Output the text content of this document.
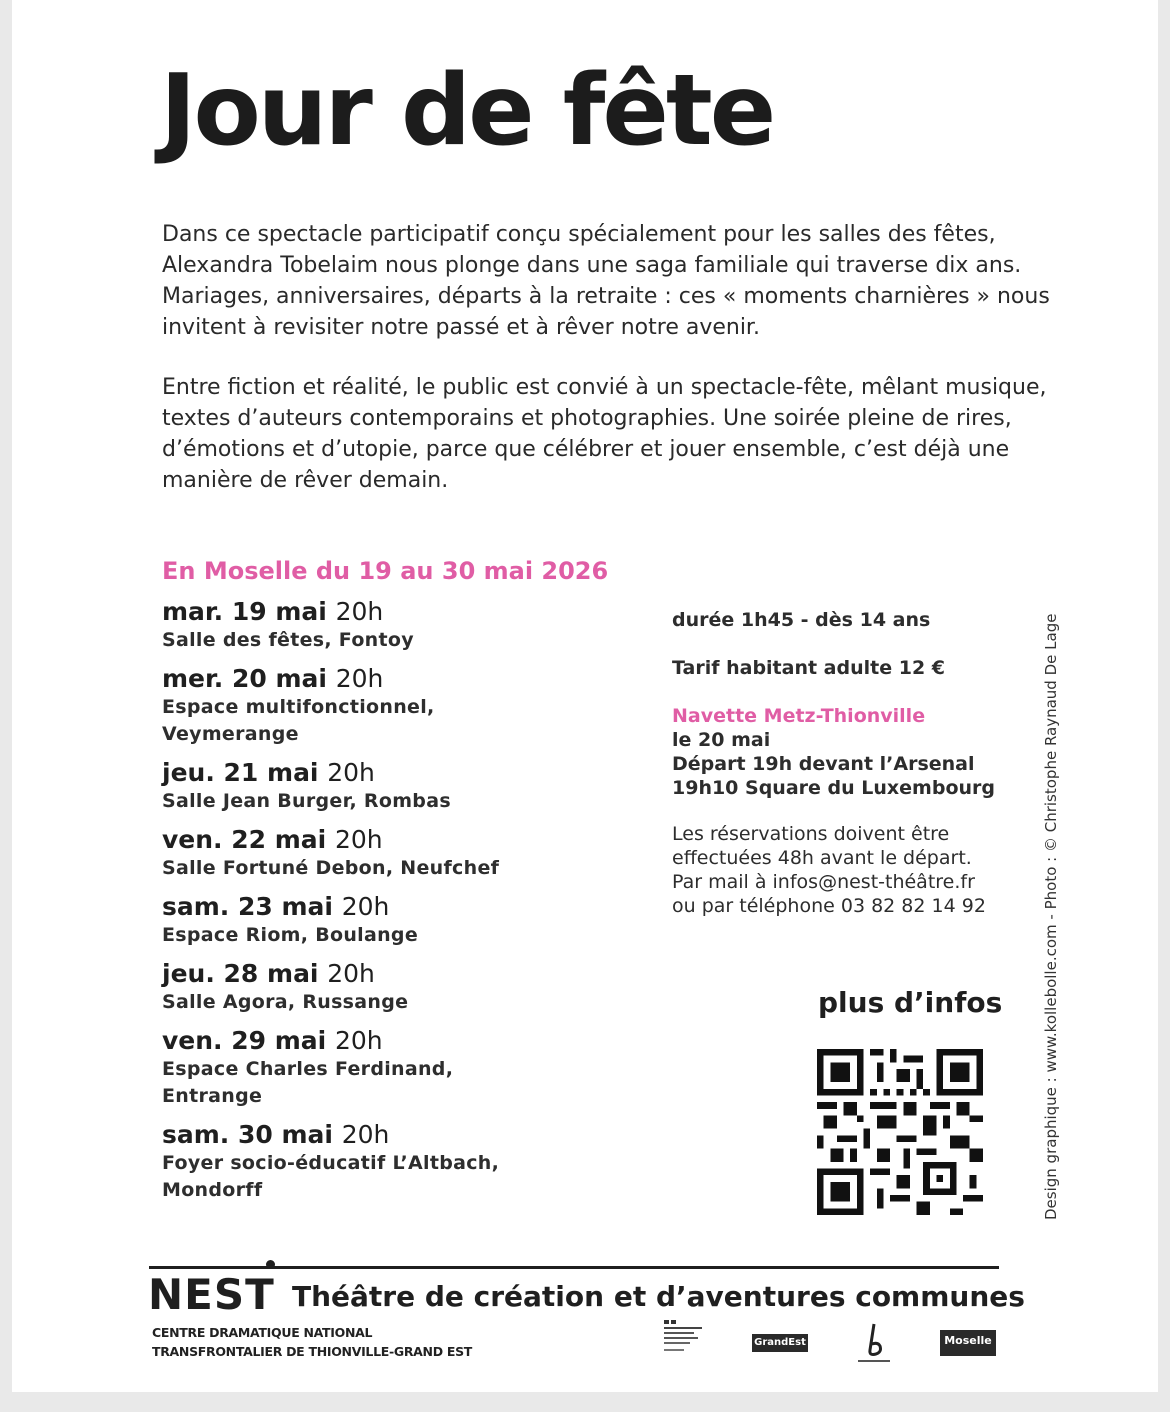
Jour de fête

Dans ce spectacle participatif conçu spécialement pour les salles des fêtes, Alexandra Tobelaim nous plonge dans une saga familiale qui traverse dix ans. Mariages, anniversaires, départs à la retraite : ces « moments charnières » nous invitent à revisiter notre passé et à rêver notre avenir.

Entre fiction et réalité, le public est convié à un spectacle-fête, mêlant musique, textes d’auteurs contemporains et photographies. Une soirée pleine de rires, d’émotions et d’utopie, parce que célébrer et jouer ensemble, c’est déjà une manière de rêver demain.

En Moselle du 19 au 30 mai 2026
mar. 19 mai 20h
Salle des fêtes, Fontoy
mer. 20 mai 20h
Espace multifonctionnel, Veymerange
jeu. 21 mai 20h
Salle Jean Burger, Rombas
ven. 22 mai 20h
Salle Fortuné Debon, Neufchef
sam. 23 mai 20h
Espace Riom, Boulange
jeu. 28 mai 20h
Salle Agora, Russange
ven. 29 mai 20h
Espace Charles Ferdinand, Entrange
sam. 30 mai 20h
Foyer socio-éducatif L’Altbach, Mondorff
durée 1h45 - dès 14 ans
Tarif habitant adulte 12 €
Navette Metz-Thionville
le 20 mai
Départ 19h devant l’Arsenal
19h10 Square du Luxembourg
Les réservations doivent être
effectuées 48h avant le départ.
Par mail à infos@nest-théâtre.fr
ou par téléphone 03 82 82 14 92
plus d’infos	Design graphique : www.kollebolle.com - Photo : © Christophe Raynaud De Lage
NEST Théâtre de création et d’aventures communes
CENTRE DRAMATIQUE NATIONAL
TRANSFRONTALIER DE THIONVILLE-GRAND EST
GrandEst	Moselle
